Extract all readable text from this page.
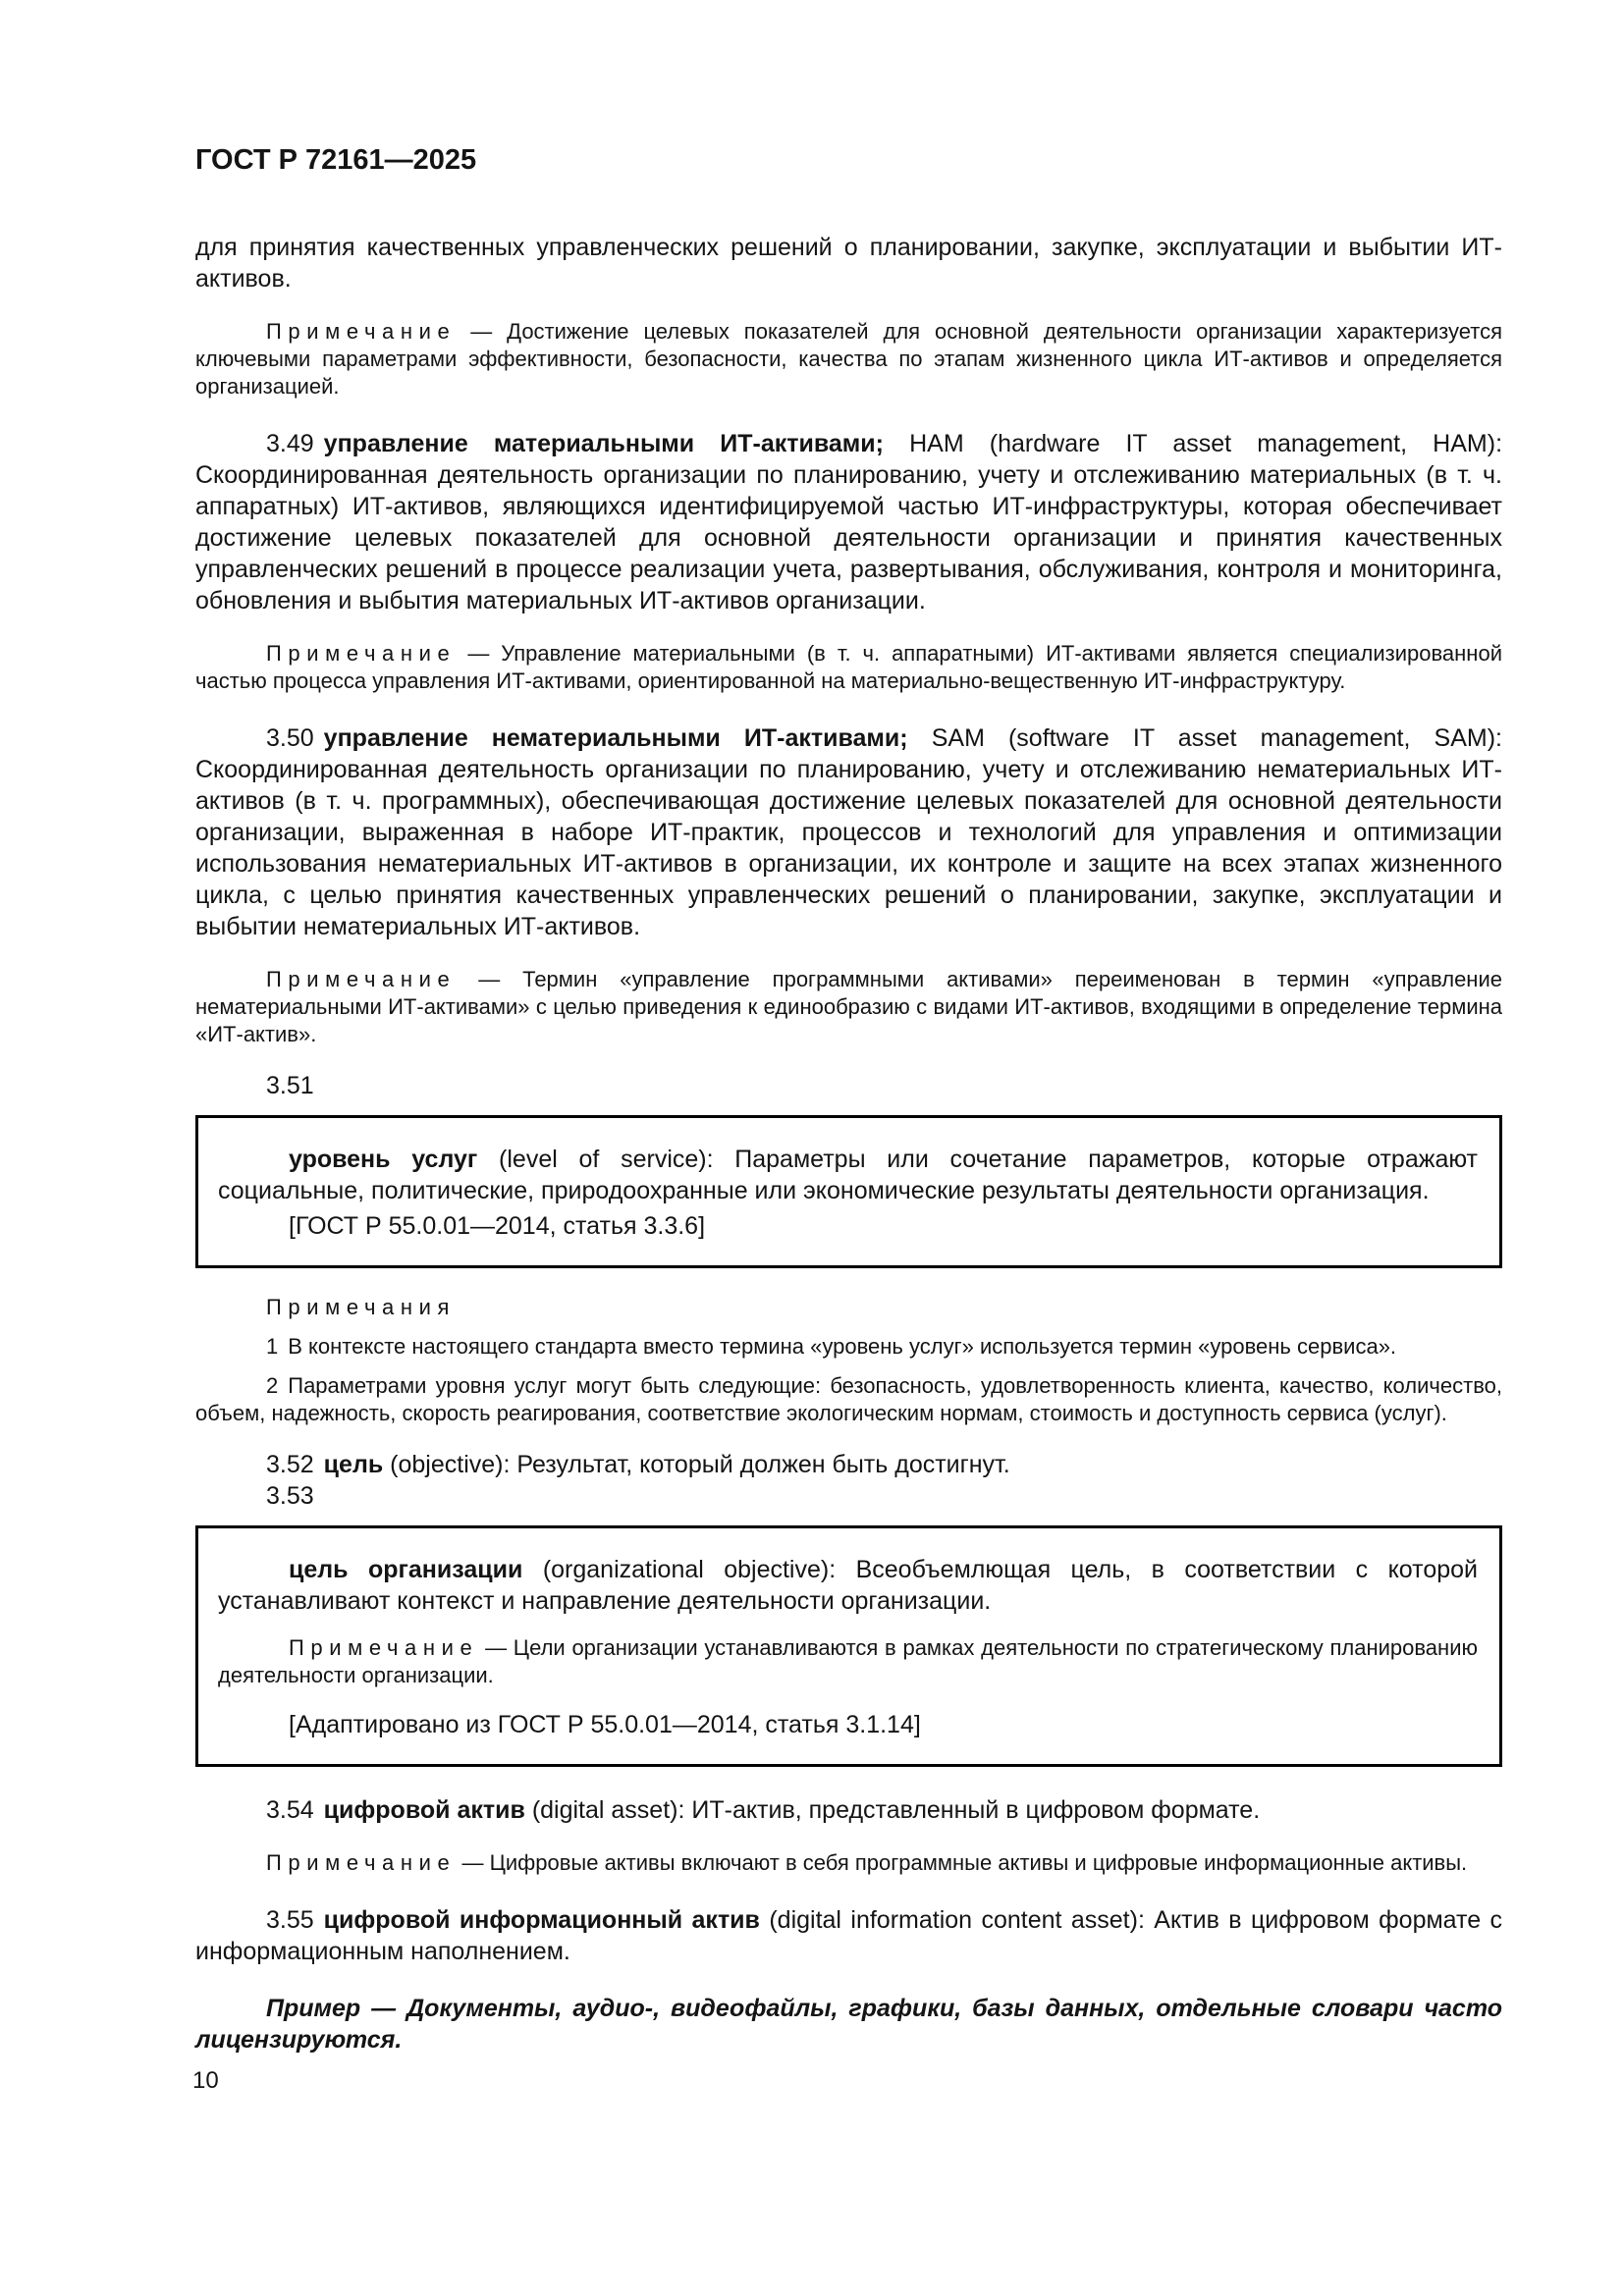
ГОСТ Р 72161—2025

для принятия качественных управленческих решений о планировании, закупке, эксплуатации и выбытии ИТ-активов.

Примечание — Достижение целевых показателей для основной деятельности организации характеризуется ключевыми параметрами эффективности, безопасности, качества по этапам жизненного цикла ИТ-активов и определяется организацией.

3.49 управление материальными ИТ-активами; HAM (hardware IT asset management, HAM): Скоординированная деятельность организации по планированию, учету и отслеживанию материальных (в т. ч. аппаратных) ИТ-активов, являющихся идентифицируемой частью ИТ-инфраструктуры, которая обеспечивает достижение целевых показателей для основной деятельности организации и принятия качественных управленческих решений в процессе реализации учета, развертывания, обслуживания, контроля и мониторинга, обновления и выбытия материальных ИТ-активов организации.

Примечание — Управление материальными (в т. ч. аппаратными) ИТ-активами является специализированной частью процесса управления ИТ-активами, ориентированной на материально-вещественную ИТ-инфраструктуру.

3.50 управление нематериальными ИТ-активами; SAM (software IT asset management, SAM): Скоординированная деятельность организации по планированию, учету и отслеживанию нематериальных ИТ-активов (в т. ч. программных), обеспечивающая достижение целевых показателей для основной деятельности организации, выраженная в наборе ИТ-практик, процессов и технологий для управления и оптимизации использования нематериальных ИТ-активов в организации, их контроле и защите на всех этапах жизненного цикла, с целью принятия качественных управленческих решений о планировании, закупке, эксплуатации и выбытии нематериальных ИТ-активов.

Примечание — Термин «управление программными активами» переименован в термин «управление нематериальными ИТ-активами» с целью приведения к единообразию с видами ИТ-активов, входящими в определение термина «ИТ-актив».

3.51

уровень услуг (level of service): Параметры или сочетание параметров, которые отражают социальные, политические, природоохранные или экономические результаты деятельности организация.

[ГОСТ Р 55.0.01—2014, статья 3.3.6]

Примечания

1 В контексте настоящего стандарта вместо термина «уровень услуг» используется термин «уровень сервиса».

2 Параметрами уровня услуг могут быть следующие: безопасность, удовлетворенность клиента, качество, количество, объем, надежность, скорость реагирования, соответствие экологическим нормам, стоимость и доступность сервиса (услуг).

3.52 цель (objective): Результат, который должен быть достигнут.

3.53

цель организации (organizational objective): Всеобъемлющая цель, в соответствии с которой устанавливают контекст и направление деятельности организации.

Примечание — Цели организации устанавливаются в рамках деятельности по стратегическому планированию деятельности организации.

[Адаптировано из ГОСТ Р 55.0.01—2014, статья 3.1.14]

3.54 цифровой актив (digital asset): ИТ-актив, представленный в цифровом формате.

Примечание — Цифровые активы включают в себя программные активы и цифровые информационные активы.

3.55 цифровой информационный актив (digital information content asset): Актив в цифровом формате с информационным наполнением.

Пример — Документы, аудио-, видеофайлы, графики, базы данных, отдельные словари часто лицензируются.

10
